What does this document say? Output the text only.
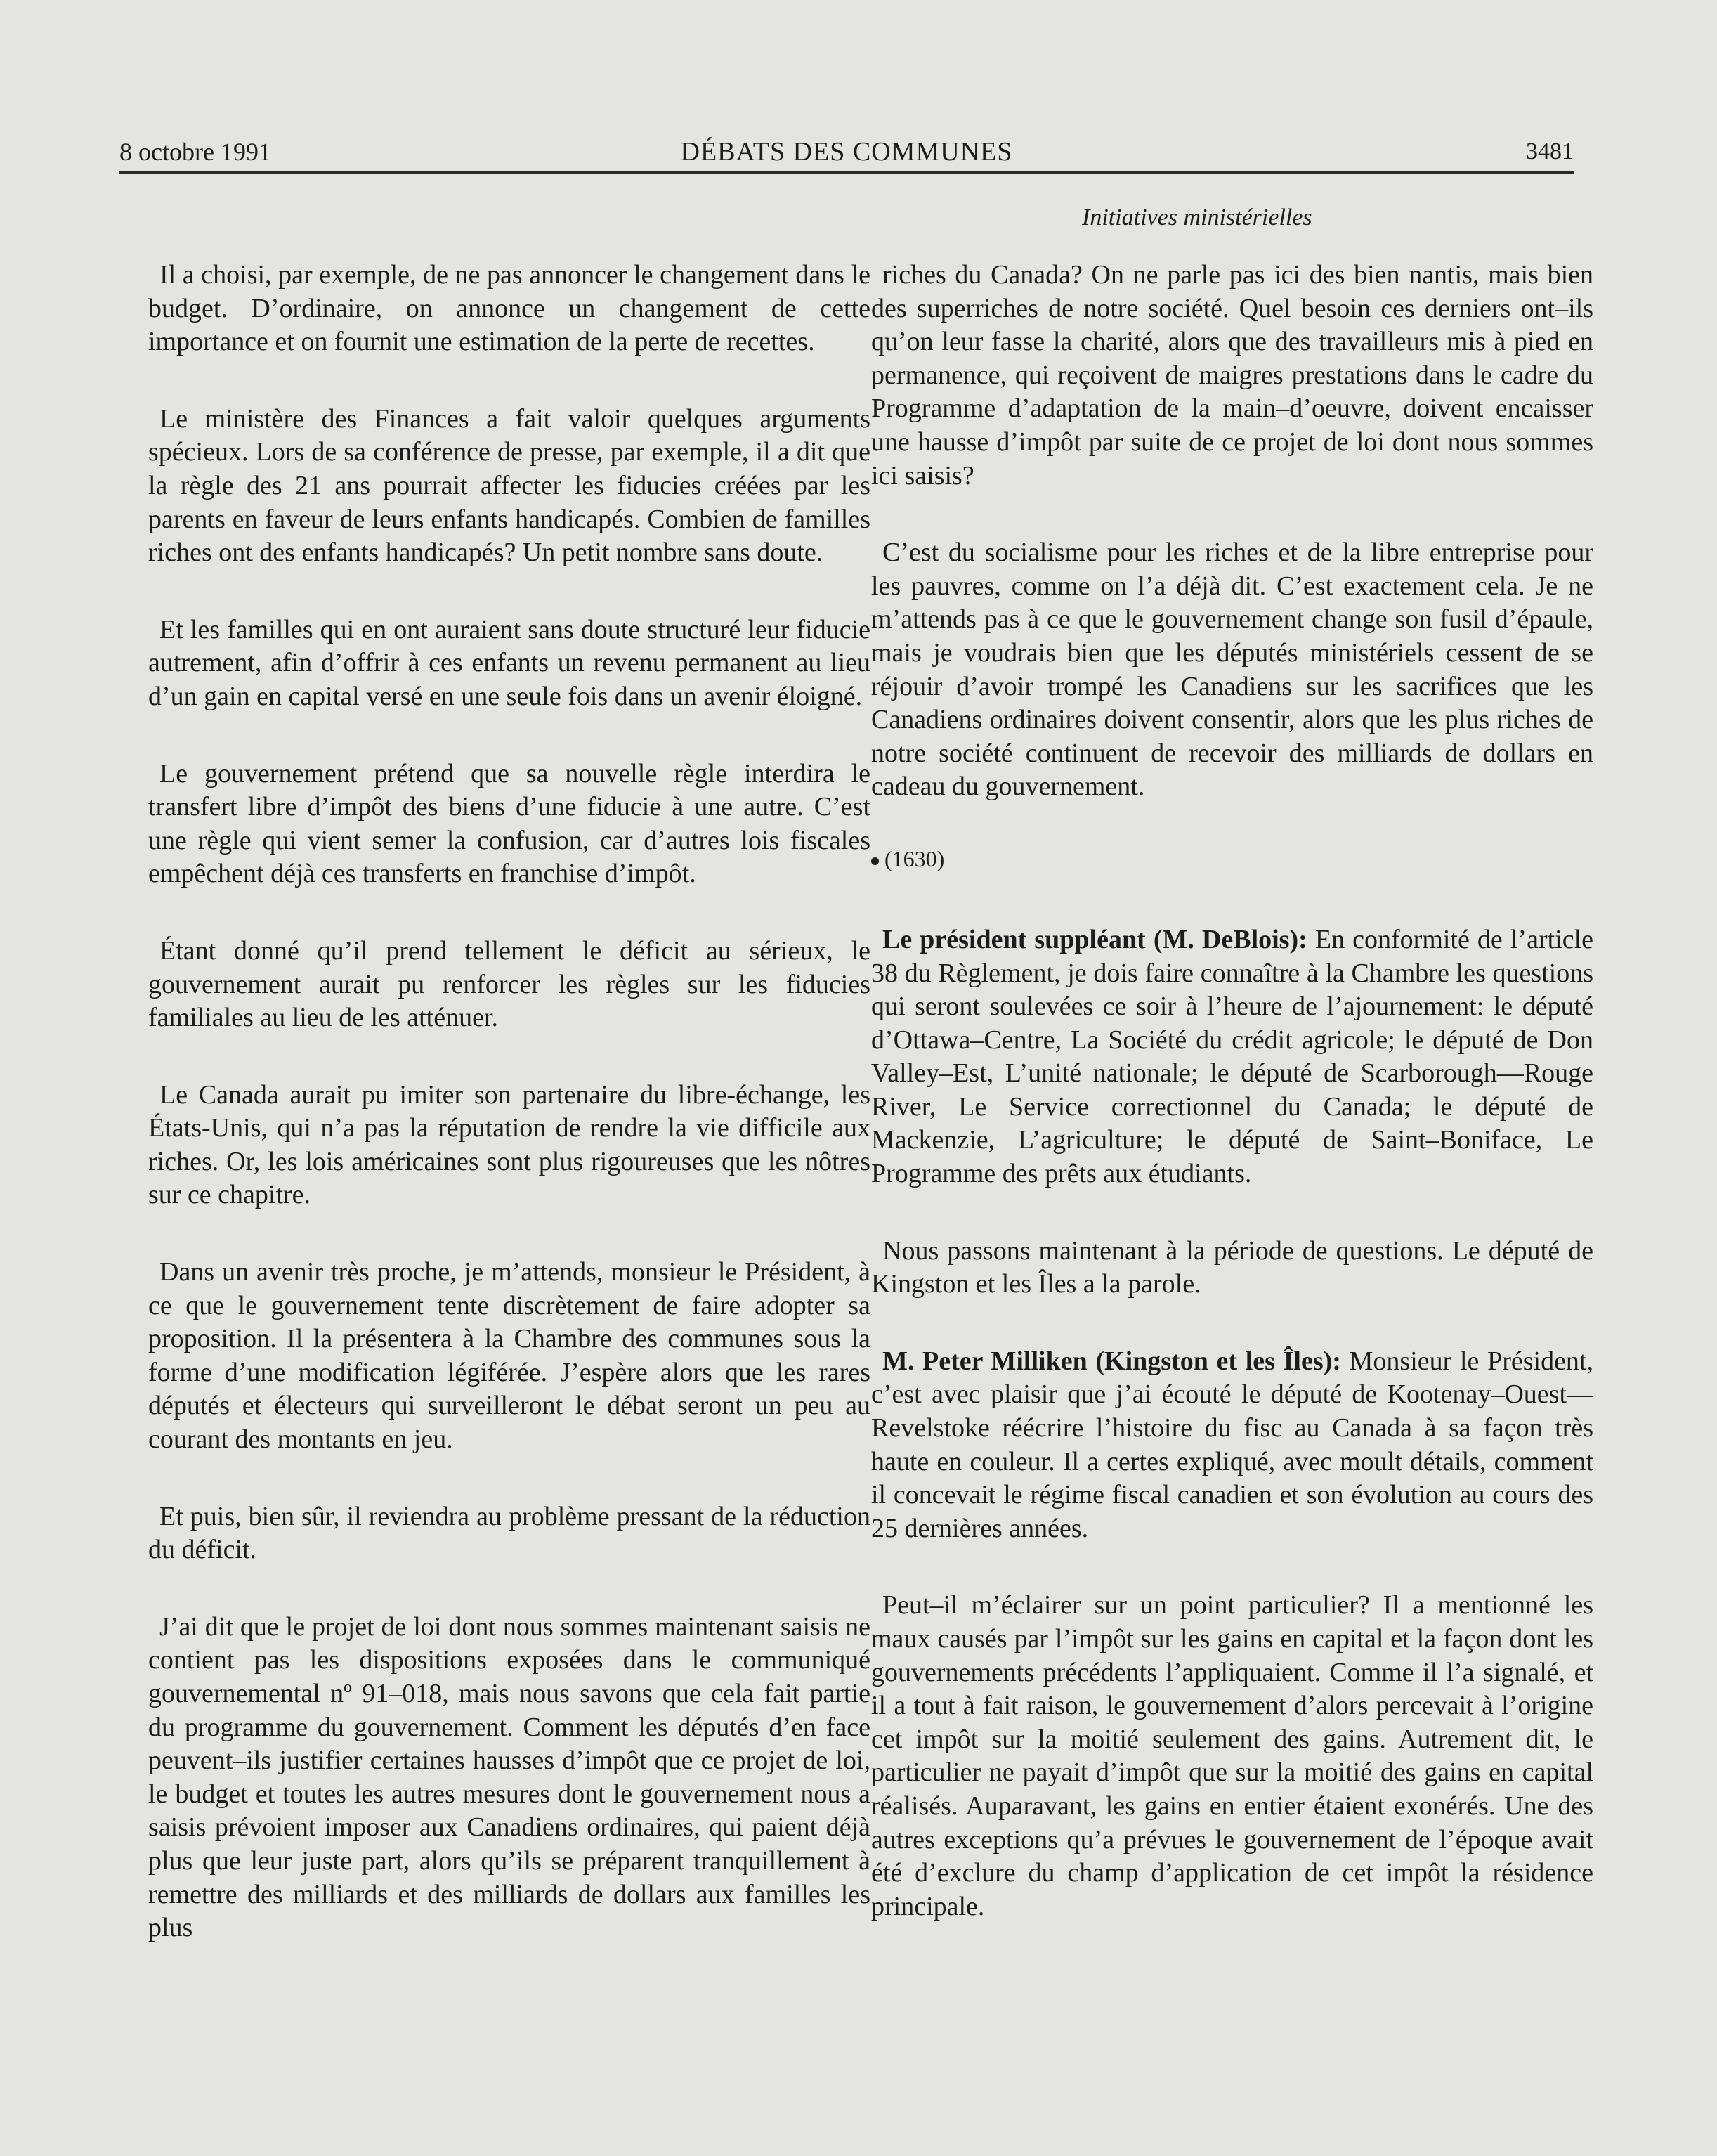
8 octobre 1991	DÉBATS DES COMMUNES	3481
Initiatives ministérielles

Il a choisi, par exemple, de ne pas annoncer le changement dans le budget. D’ordinaire, on annonce un changement de cette importance et on fournit une estimation de la perte de recettes.

Le ministère des Finances a fait valoir quelques arguments spécieux. Lors de sa conférence de presse, par exemple, il a dit que la règle des 21 ans pourrait affecter les fiducies créées par les parents en faveur de leurs enfants handicapés. Combien de familles riches ont des enfants handicapés? Un petit nombre sans doute.

Et les familles qui en ont auraient sans doute structuré leur fiducie autrement, afin d’offrir à ces enfants un revenu permanent au lieu d’un gain en capital versé en une seule fois dans un avenir éloigné.

Le gouvernement prétend que sa nouvelle règle interdira le transfert libre d’impôt des biens d’une fiducie à une autre. C’est une règle qui vient semer la confusion, car d’autres lois fiscales empêchent déjà ces transferts en franchise d’impôt.

Étant donné qu’il prend tellement le déficit au sérieux, le gouvernement aurait pu renforcer les règles sur les fiducies familiales au lieu de les atténuer.

Le Canada aurait pu imiter son partenaire du libre-échange, les États-Unis, qui n’a pas la réputation de rendre la vie difficile aux riches. Or, les lois américaines sont plus rigoureuses que les nôtres sur ce chapitre.

Dans un avenir très proche, je m’attends, monsieur le Président, à ce que le gouvernement tente discrètement de faire adopter sa proposition. Il la présentera à la Chambre des communes sous la forme d’une modification légiférée. J’espère alors que les rares députés et électeurs qui surveilleront le débat seront un peu au courant des montants en jeu.

Et puis, bien sûr, il reviendra au problème pressant de la réduction du déficit.

J’ai dit que le projet de loi dont nous sommes maintenant saisis ne contient pas les dispositions exposées dans le communiqué gouvernemental nº 91–018, mais nous savons que cela fait partie du programme du gouvernement. Comment les députés d’en face peuvent–ils justifier certaines hausses d’impôt que ce projet de loi, le budget et toutes les autres mesures dont le gouvernement nous a saisis prévoient imposer aux Canadiens ordinaires, qui paient déjà plus que leur juste part, alors qu’ils se préparent tranquillement à remettre des milliards et des milliards de dollars aux familles les plus

riches du Canada? On ne parle pas ici des bien nantis, mais bien des superriches de notre société. Quel besoin ces derniers ont–ils qu’on leur fasse la charité, alors que des travailleurs mis à pied en permanence, qui reçoivent de maigres prestations dans le cadre du Programme d’adaptation de la main–d’oeuvre, doivent encaisser une hausse d’impôt par suite de ce projet de loi dont nous sommes ici saisis?

C’est du socialisme pour les riches et de la libre entreprise pour les pauvres, comme on l’a déjà dit. C’est exactement cela. Je ne m’attends pas à ce que le gouvernement change son fusil d’épaule, mais je voudrais bien que les députés ministériels cessent de se réjouir d’avoir trompé les Canadiens sur les sacrifices que les Canadiens ordinaires doivent consentir, alors que les plus riches de notre société continuent de recevoir des milliards de dollars en cadeau du gouvernement.

(1630)

Le président suppléant (M. DeBlois): En conformité de l’article 38 du Règlement, je dois faire connaître à la Chambre les questions qui seront soulevées ce soir à l’heure de l’ajournement: le député d’Ottawa–Centre, La Société du crédit agricole; le député de Don Valley–Est, L’unité nationale; le député de Scarborough—Rouge River, Le Service correctionnel du Canada; le député de Mackenzie, L’agriculture; le député de Saint–Boniface, Le Programme des prêts aux étudiants.

Nous passons maintenant à la période de questions. Le député de Kingston et les Îles a la parole.

M. Peter Milliken (Kingston et les Îles): Monsieur le Président, c’est avec plaisir que j’ai écouté le député de Kootenay–Ouest—Revelstoke réécrire l’histoire du fisc au Canada à sa façon très haute en couleur. Il a certes expliqué, avec moult détails, comment il concevait le régime fiscal canadien et son évolution au cours des 25 dernières années.

Peut–il m’éclairer sur un point particulier? Il a mentionné les maux causés par l’impôt sur les gains en capital et la façon dont les gouvernements précédents l’appliquaient. Comme il l’a signalé, et il a tout à fait raison, le gouvernement d’alors percevait à l’origine cet impôt sur la moitié seulement des gains. Autrement dit, le particulier ne payait d’impôt que sur la moitié des gains en capital réalisés. Auparavant, les gains en entier étaient exonérés. Une des autres exceptions qu’a prévues le gouvernement de l’époque avait été d’exclure du champ d’application de cet impôt la résidence principale.
